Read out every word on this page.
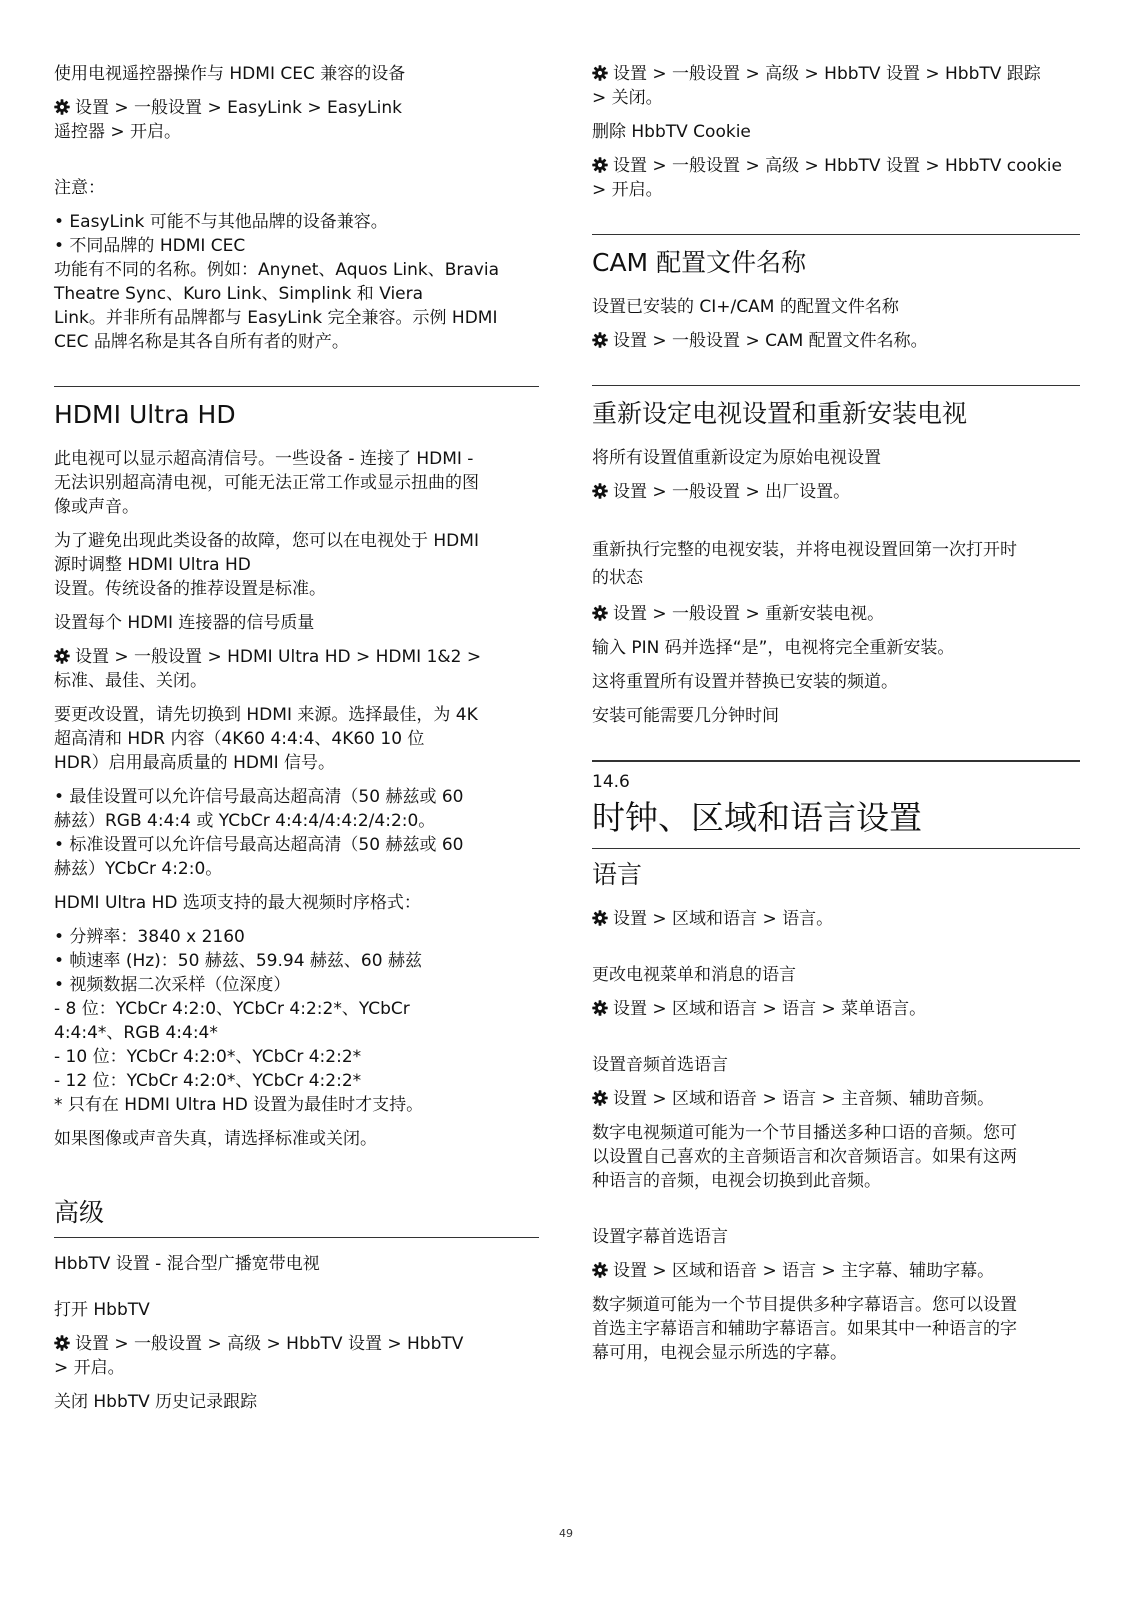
使用电视遥控器操作与 HDMI CEC 兼容的设备

设置 > 一般设置 > EasyLink > EasyLink
遥控器 > 开启。

注意：

• EasyLink 可能不与其他品牌的设备兼容。
• 不同品牌的 HDMI CEC
功能有不同的名称。例如：Anynet、Aquos Link、Bravia
Theatre Sync、Kuro Link、Simplink 和 Viera
Link。并非所有品牌都与 EasyLink 完全兼容。示例 HDMI
CEC 品牌名称是其各自所有者的财产。

HDMI Ultra HD

此电视可以显示超高清信号。一些设备 - 连接了 HDMI -
无法识别超高清电视，可能无法正常工作或显示扭曲的图
像或声音。

为了避免出现此类设备的故障，您可以在电视处于 HDMI
源时调整 HDMI Ultra HD
设置。传统设备的推荐设置是标准。

设置每个 HDMI 连接器的信号质量

设置 > 一般设置 > HDMI Ultra HD > HDMI 1&2 >
标准、最佳、关闭。

要更改设置，请先切换到 HDMI 来源。选择最佳，为 4K
超高清和 HDR 内容（4K60 4:4:4、4K60 10 位
HDR）启用最高质量的 HDMI 信号。

• 最佳设置可以允许信号最高达超高清（50 赫兹或 60
赫兹）RGB 4:4:4 或 YCbCr 4:4:4/4:4:2/4:2:0。
• 标准设置可以允许信号最高达超高清（50 赫兹或 60
赫兹）YCbCr 4:2:0。

HDMI Ultra HD 选项支持的最大视频时序格式：

• 分辨率：3840 x 2160
• 帧速率 (Hz)：50 赫兹、59.94 赫兹、60 赫兹
• 视频数据二次采样（位深度）
- 8 位：YCbCr 4:2:0、YCbCr 4:2:2*、YCbCr
4:4:4*、RGB 4:4:4*
- 10 位：YCbCr 4:2:0*、YCbCr 4:2:2*
- 12 位：YCbCr 4:2:0*、YCbCr 4:2:2*
* 只有在 HDMI Ultra HD 设置为最佳时才支持。

如果图像或声音失真，请选择标准或关闭。

高级

HbbTV 设置 - 混合型广播宽带电视

打开 HbbTV

设置 > 一般设置 > 高级 > HbbTV 设置 > HbbTV
> 开启。

关闭 HbbTV 历史记录跟踪

设置 > 一般设置 > 高级 > HbbTV 设置 > HbbTV 跟踪
> 关闭。

删除 HbbTV Cookie

设置 > 一般设置 > 高级 > HbbTV 设置 > HbbTV cookie
> 开启。

CAM 配置文件名称

设置已安装的 CI+/CAM 的配置文件名称

设置 > 一般设置 > CAM 配置文件名称。

重新设定电视设置和重新安装电视

将所有设置值重新设定为原始电视设置

设置 > 一般设置 > 出厂设置。

重新执行完整的电视安装，并将电视设置回第一次打开时
的状态

设置 > 一般设置 > 重新安装电视。

输入 PIN 码并选择“是”，电视将完全重新安装。

这将重置所有设置并替换已安装的频道。

安装可能需要几分钟时间

14.6
时钟、区域和语言设置
语言

设置 > 区域和语言 > 语言。

更改电视菜单和消息的语言

设置 > 区域和语言 > 语言 > 菜单语言。

设置音频首选语言

设置 > 区域和语音 > 语言 > 主音频、辅助音频。

数字电视频道可能为一个节目播送多种口语的音频。您可
以设置自己喜欢的主音频语言和次音频语言。如果有这两
种语言的音频，电视会切换到此音频。

设置字幕首选语言

设置 > 区域和语音 > 语言 > 主字幕、辅助字幕。

数字频道可能为一个节目提供多种字幕语言。您可以设置
首选主字幕语言和辅助字幕语言。如果其中一种语言的字
幕可用，电视会显示所选的字幕。

49
